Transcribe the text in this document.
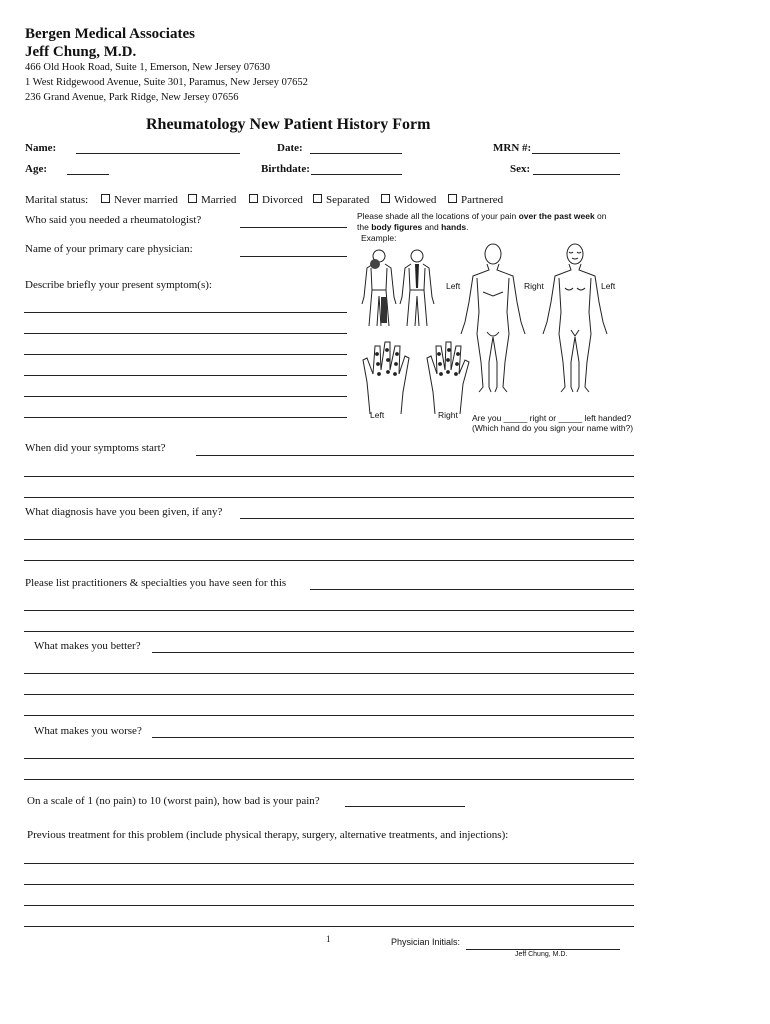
Bergen Medical Associates
Jeff Chung, M.D.
466 Old Hook Road, Suite 1, Emerson, New Jersey 07630
1 West Ridgewood Avenue, Suite 301, Paramus, New Jersey 07652
236 Grand Avenue, Park Ridge, New Jersey 07656
Rheumatology New Patient History Form
Name:	Date:	MRN #:
Age:	Birthdate:	Sex:
Marital status:	Never married	Married	Divorced	Separated	Widowed	Partnered
Who said you needed a rheumatologist?
Name of your primary care physician:
Describe briefly your present symptom(s):
Please shade all the locations of your pain over the past week on
the body figures and hands.
Example:
Left	Right	Left
Left	Right Are you _____ right or _____ left handed?
(Which hand do you sign your name with?)
When did your symptoms start?
What diagnosis have you been given, if any?
Please list practitioners & specialties you have seen for this
What makes you better?
What makes you worse?
On a scale of 1 (no pain) to 10 (worst pain), how bad is your pain?
Previous treatment for this problem (include physical therapy, surgery, alternative treatments, and injections):
1	Physician Initials:
Jeff Chung, M.D.
